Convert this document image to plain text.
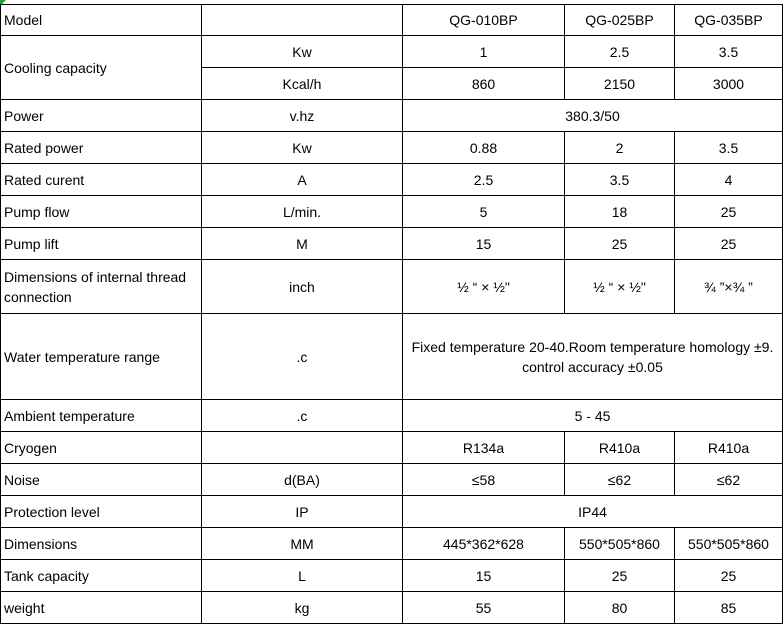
Model		QG-010BP	QG-025BP	QG-035BP
Cooling capacity	Kw	1	2.5	3.5
	Kcal/h	860	2150	3000
Power	v.hz	380.3/50		
Rated power	Kw	0.88	2	3.5
Rated curent	A	2.5	3.5	4
Pump flow	L/min.	5	18	25
Pump lift	M	15	25	25
Dimensions of internal thread connection	inch	½ “ × ½"	½ “ × ½"	¾ ”×¾ ”
Water temperature range	.c	Fixed temperature 20-40.Room temperature homology ±9. control accuracy ±0.05		
Ambient temperature	.c	5 - 45		
Cryogen		R134a	R410a	R410a
Noise	d(BA)	≤58	≤62	≤62
Protection level	IP	IP44		
Dimensions	MM	445*362*628	550*505*860	550*505*860
Tank capacity	L	15	25	25
weight	kg	55	80	85
